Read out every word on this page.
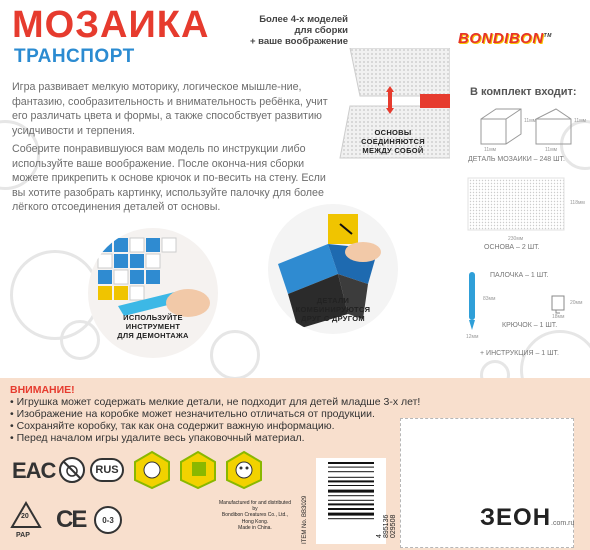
МОЗАИКА
ТРАНСПОРТ
Более 4-х моделей
для сборки
+ ваше воображение	BONDIBON™

Игра развивает мелкую моторику, логическое мышле-ние, фантазию, сообразительность и внимательность ребёнка, учит его различать цвета и формы, а также способствует развитию усидчивости и терпения.

Соберите понравившуюся вам модель по инструкции либо используйте ваше воображение. После оконча-ния сборки можете прикрепить к основе крючок и по-весить на стену. Если вы хотите разобрать картинку, используйте палочку для более лёгкого отсоединения деталей от основы.

ОСНОВЫ
СОЕДИНЯЮТСЯ
МЕЖДУ СОБОЙ
ИСПОЛЬЗУЙТЕ
ИНСТРУМЕНТ
ДЛЯ ДЕМОНТАЖА
ДЕТАЛИ
КОМБИНИРУЮТСЯ
ДРУГ С ДРУГОМ
В комплект входит:
11мм
11мм
11мм
11мм
ДЕТАЛЬ МОЗАИКИ – 248 ШТ.
118мм
230мм
ОСНОВА – 2 ШТ.
83мм
12мм
ПАЛОЧКА – 1 ШТ.
18мм
20мм
КРЮЧОК – 1 ШТ.
+ ИНСТРУКЦИЯ – 1 ШТ.
ВНИМАНИЕ!
• Игрушка может содержать мелкие детали, не подходит для детей младше 3-х лет!
• Изображение на коробке может незначительно отличаться от продукции.
• Сохраняйте коробку, так как она содержит важную информацию.
• Перед началом игры удалите весь упаковочный материал.
EAC	RUS
20
PAP
CE 0-3
Manufactured for and distributed by
Bondibon Creatures Co., Ltd., Hong Kong.
Made in China.	ITEM No. BB3029	4 895136 029508	ЗЕОН.com.ru
